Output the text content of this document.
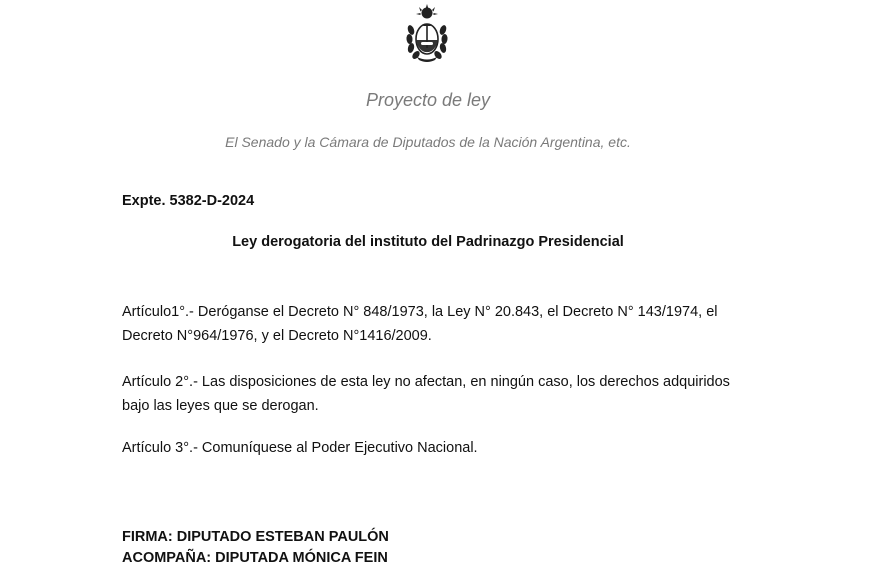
Proyecto de ley
El Senado y la Cámara de Diputados de la Nación Argentina, etc.
Expte. 5382-D-2024
Ley derogatoria del instituto del Padrinazgo Presidencial
Artículo1°.- Deróganse el Decreto N° 848/1973, la Ley N° 20.843, el Decreto N° 143/1974, el Decreto N°964/1976, y el Decreto N°1416/2009.
Artículo 2°.- Las disposiciones de esta ley no afectan, en ningún caso, los derechos adquiridos bajo las leyes que se derogan.
Artículo 3°.- Comuníquese al Poder Ejecutivo Nacional.
FIRMA: DIPUTADO ESTEBAN PAULÓN
ACOMPAÑA: DIPUTADA MÓNICA FEIN
